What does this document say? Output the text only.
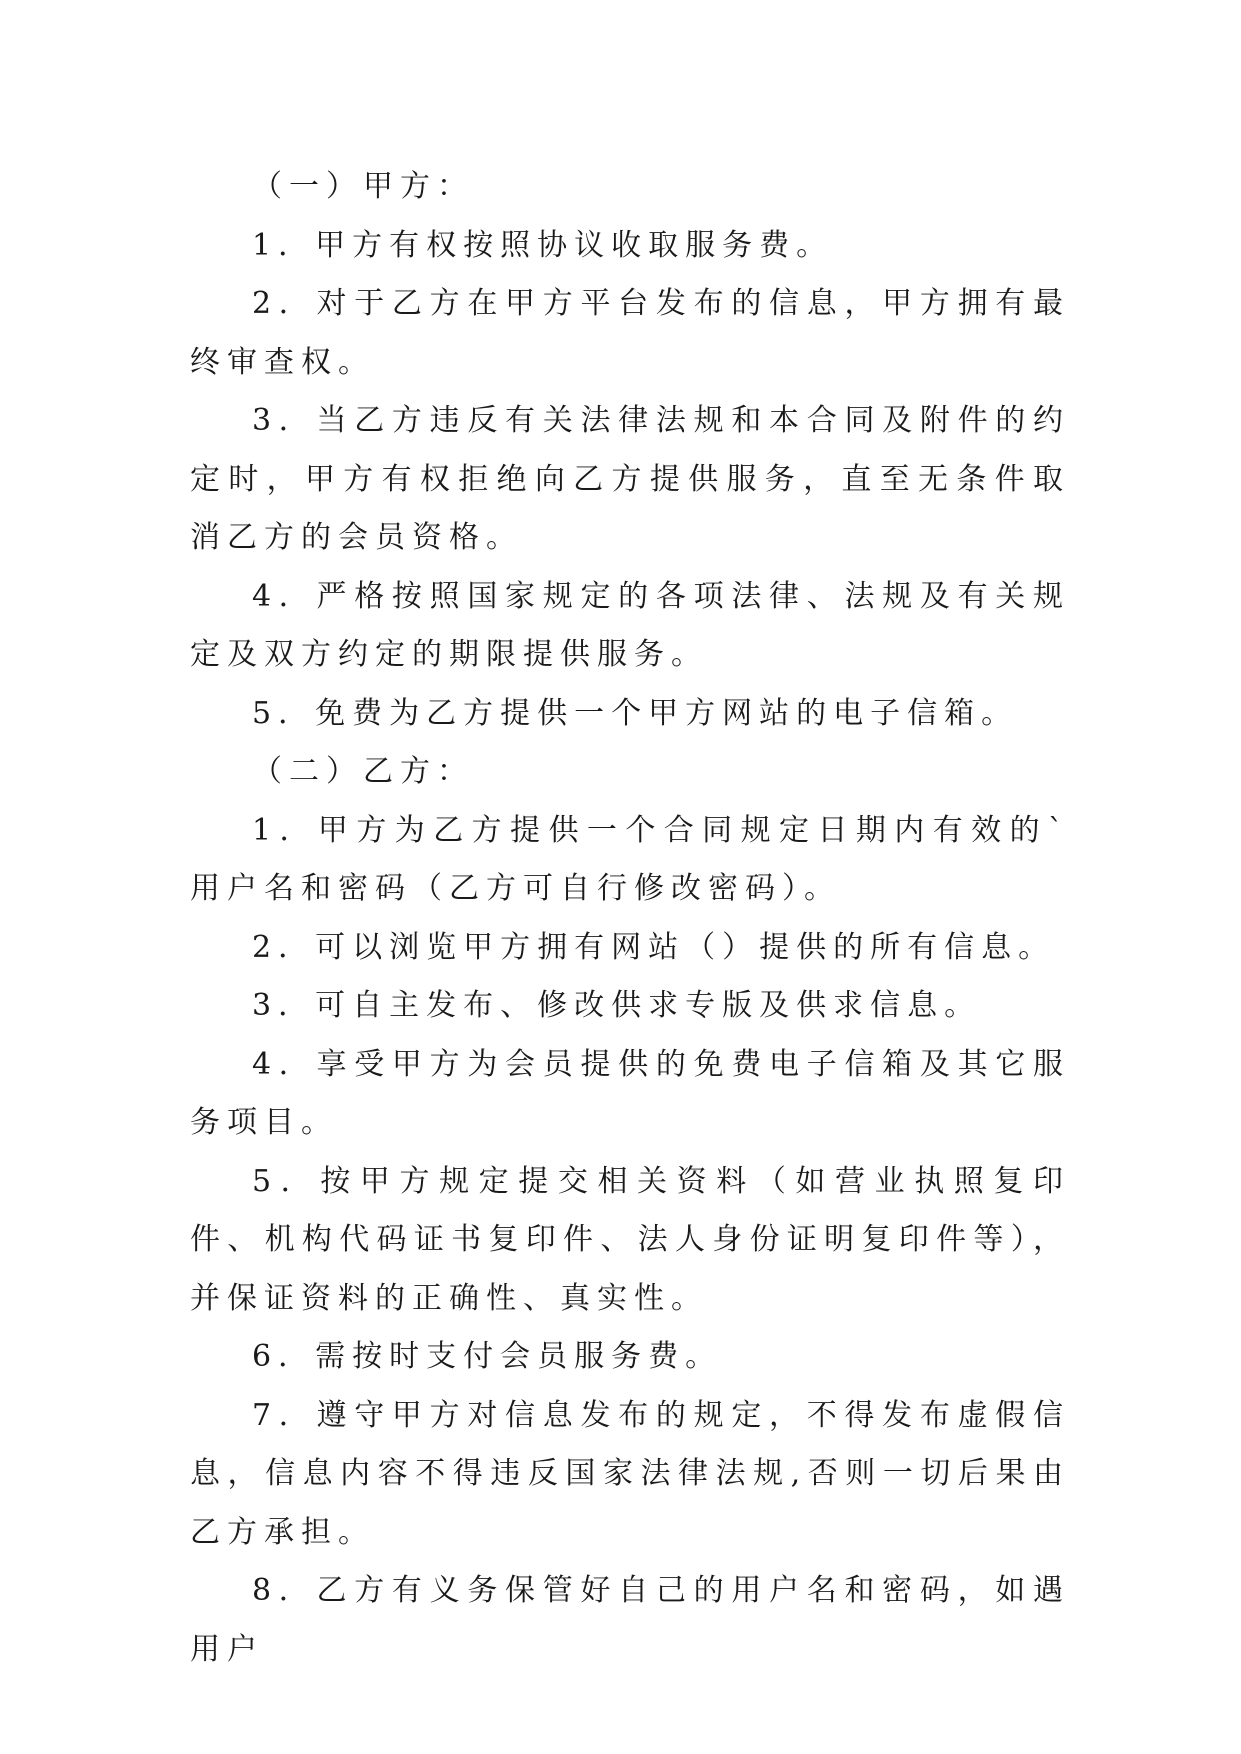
（一）甲方：

1．甲方有权按照协议收取服务费。

2．对于乙方在甲方平台发布的信息，甲方拥有最终审查权。

3．当乙方违反有关法律法规和本合同及附件的约定时，甲方有权拒绝向乙方提供服务，直至无条件取消乙方的会员资格。

4．严格按照国家规定的各项法律、法规及有关规定及双方约定的期限提供服务。

5．免费为乙方提供一个甲方网站的电子信箱。

（二）乙方：

1．甲方为乙方提供一个合同规定日期内有效的`用户名和密码（乙方可自行修改密码）。

2．可以浏览甲方拥有网站（）提供的所有信息。

3．可自主发布、修改供求专版及供求信息。

4．享受甲方为会员提供的免费电子信箱及其它服务项目。

5．按甲方规定提交相关资料（如营业执照复印件、机构代码证书复印件、法人身份证明复印件等），并保证资料的正确性、真实性。

6．需按时支付会员服务费。

7．遵守甲方对信息发布的规定，不得发布虚假信息，信息内容不得违反国家法律法规,否则一切后果由乙方承担。

8．乙方有义务保管好自己的用户名和密码，如遇用户
